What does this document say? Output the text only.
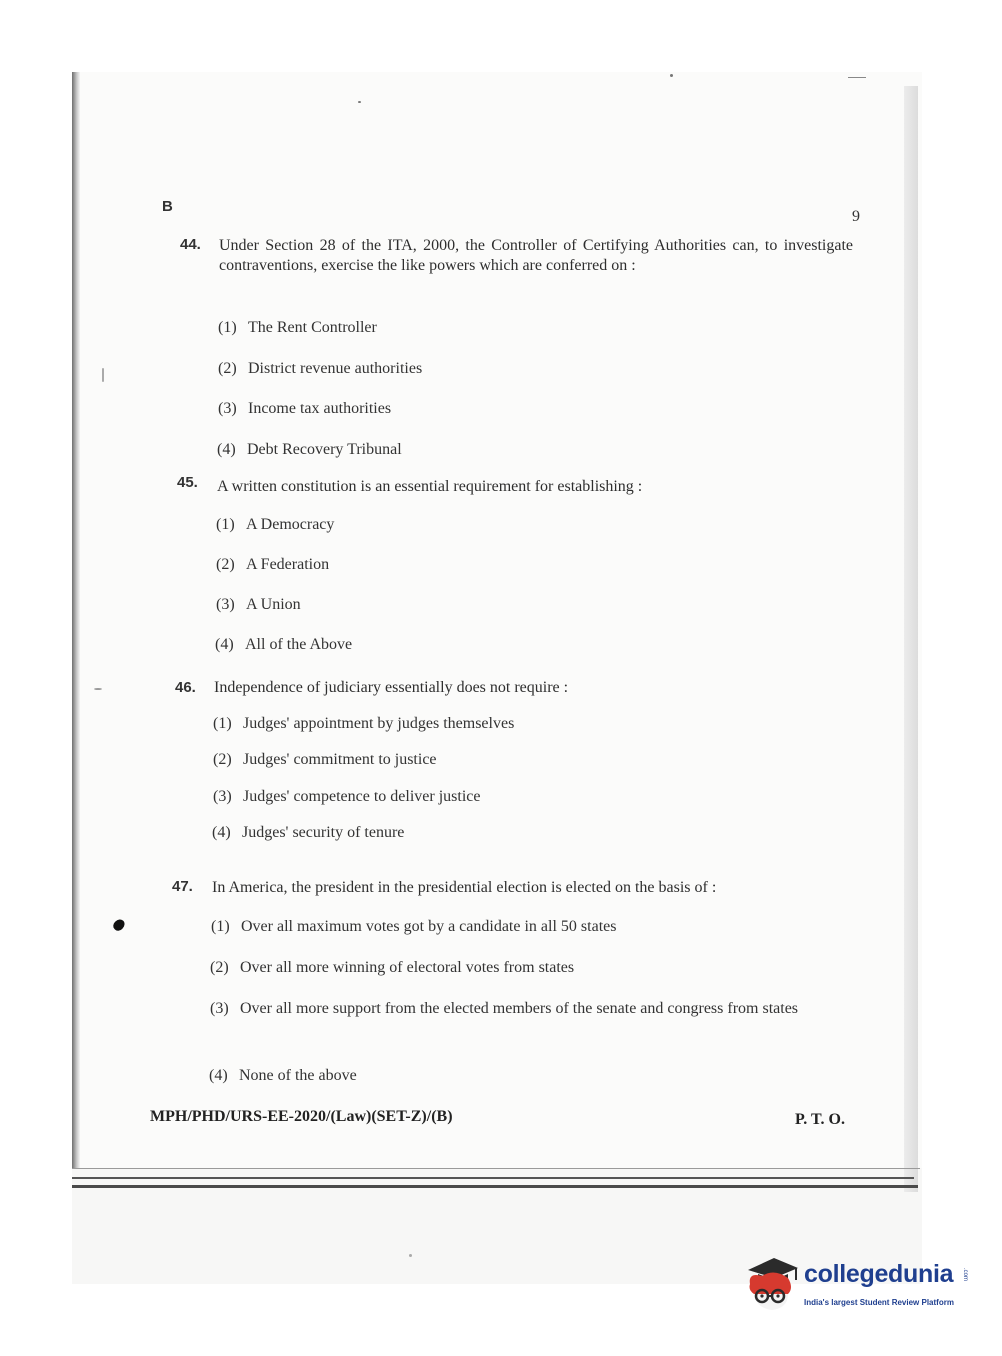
B
9
44. Under Section 28 of the ITA, 2000, the Controller of Certifying Authorities can, to investigate contraventions, exercise the like powers which are conferred on :
(1) The Rent Controller
(2) District revenue authorities
(3) Income tax authorities
(4) Debt Recovery Tribunal
45. A written constitution is an essential requirement for establishing :
(1) A Democracy
(2) A Federation
(3) A Union
(4) All of the Above
46. Independence of judiciary essentially does not require :
(1) Judges' appointment by judges themselves
(2) Judges' commitment to justice
(3) Judges' competence to deliver justice
(4) Judges' security of tenure
47. In America, the president in the presidential election is elected on the basis of :
(1) Over all maximum votes got by a candidate in all 50 states
(2) Over all more winning of electoral votes from states
(3) Over all more support from the elected members of the senate and congress from states
(4) None of the above
MPH/PHD/URS-EE-2020/(Law)(SET-Z)/(B)	P. T. O.
collegedunia .com
India's largest Student Review Platform
